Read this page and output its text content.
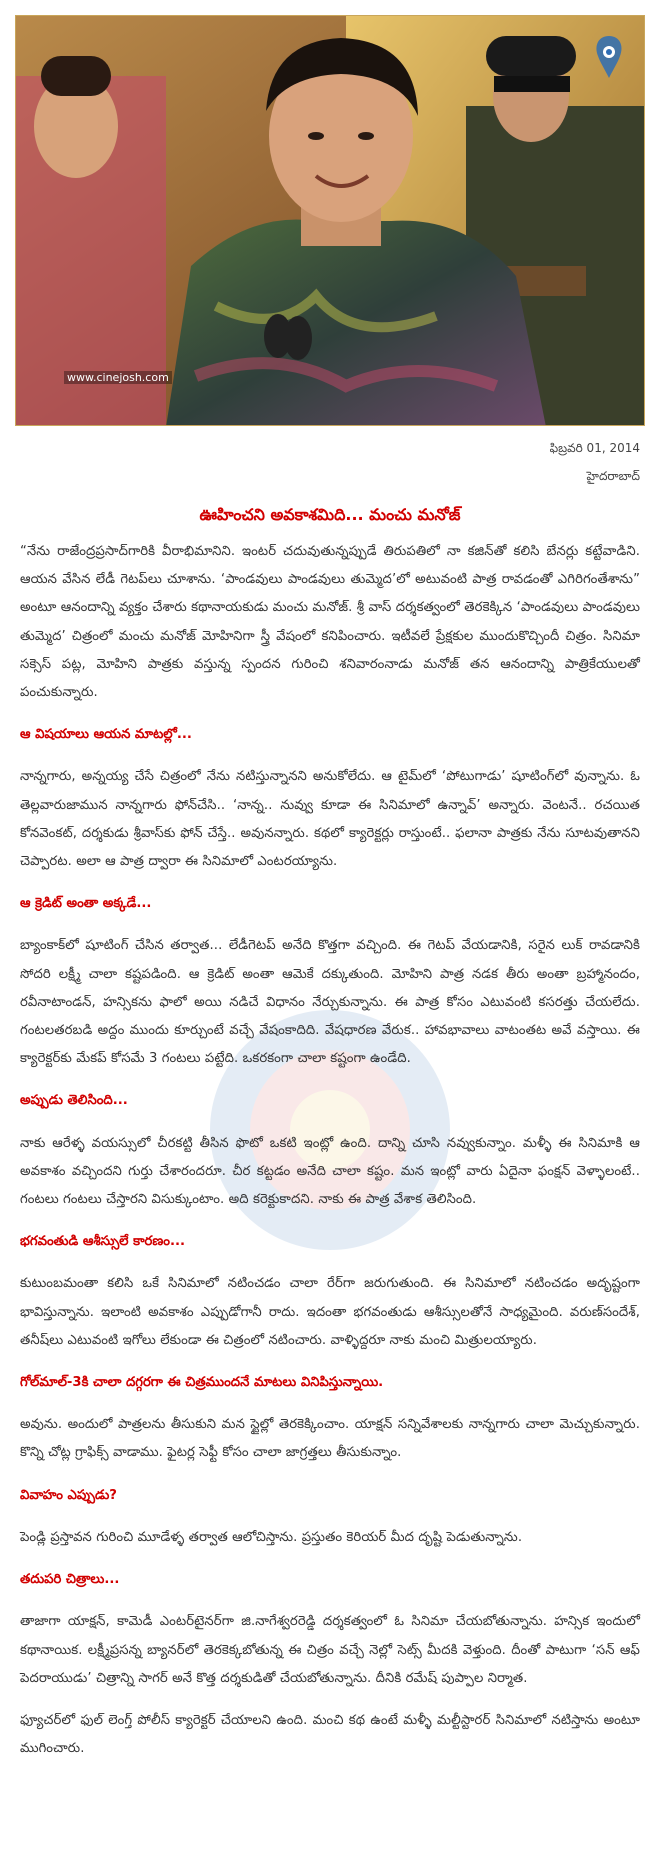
www.cinejosh.com
ఫిబ్రవరి 01, 2014
హైదరాబాద్
ఊహించని అవకాశమిది... మంచు మనోజ్

“నేను రాజేంద్రప్రసాద్‌గారికి వీరాభిమానిని. ఇంటర్ చదువుతున్నప్పుడే తిరుపతిలో నా కజిన్‌తో కలిసి బేనర్లు కట్టేవాడిని. ఆయన వేసిన లేడీ గెటప్‌లు చూశాను. ‘పాండవులు పాండవులు తుమ్మెద’లో అటువంటి పాత్ర రావడంతో ఎగిరిగంతేశాను” అంటూ ఆనందాన్ని వ్యక్తం చేశారు కథానాయకుడు మంచు మనోజ్. శ్రీ వాస్ దర్శకత్వంలో తెరకెక్కిన ‘పాండవులు పాండవులు తుమ్మెద’ చిత్రంలో మంచు మనోజ్ మోహినిగా స్త్రీ వేషంలో కనిపించారు. ఇటీవలే ప్రేక్షకుల ముందుకొచ్చిందీ చిత్రం. సినిమా సక్సెస్ పట్ల, మోహిని పాత్రకు వస్తున్న స్పందన గురించి శనివారంనాడు మనోజ్ తన ఆనందాన్ని పాత్రికేయులతో పంచుకున్నారు.

ఆ విషయాలు ఆయన మాటల్లో...

నాన్నగారు, అన్నయ్య చేసే చిత్రంలో నేను నటిస్తున్నానని అనుకోలేదు. ఆ టైమ్‌లో ‘పోటుగాడు’ షూటింగ్‌లో వున్నాను. ఓ తెల్లవారుజామున నాన్నగారు ఫోన్‌చేసి.. ‘నాన్న.. నువ్వు కూడా ఈ సినిమాలో ఉన్నావ్’ అన్నారు. వెంటనే.. రచయిత కోనవెంకట్, దర్శకుడు శ్రీవాస్‌కు ఫోన్ చేస్తే.. అవునన్నారు. కథలో క్యారెక్టర్లు రాస్తుంటే.. ఫలానా పాత్రకు నేను సూటవుతానని చెప్పారట. అలా ఆ పాత్ర ద్వారా ఈ సినిమాలో ఎంటరయ్యాను.

ఆ క్రెడిట్ అంతా అక్కడే...

బ్యాంకాక్‌లో షూటింగ్ చేసిన తర్వాత... లేడీగెటప్ అనేది కొత్తగా వచ్చింది. ఈ గెటప్ వేయడానికి, సరైన లుక్ రావడానికి సోదరి లక్ష్మీ చాలా కష్టపడింది. ఆ క్రెడిట్ అంతా ఆమెకే దక్కుతుంది. మోహిని పాత్ర నడక తీరు అంతా బ్రహ్మానందం, రవీనాటాండన్, హన్సికను ఫాలో అయి నడిచే విధానం నేర్చుకున్నాను. ఈ పాత్ర కోసం ఎటువంటి కసరత్తు చేయలేదు. గంటలతరబడి అద్దం ముందు కూర్చుంటే వచ్చే వేషంకాదిది. వేషధారణ వేరుక.. హావభావాలు వాటంతట అవే వస్తాయి. ఈ క్యారెక్టర్‌కు మేకప్ కోసమే 3 గంటలు పట్టేది. ఒకరకంగా చాలా కష్టంగా ఉండేది.

అప్పుడు తెలిసింది...

నాకు ఆరేళ్ళ వయస్సులో చీరకట్టి తీసిన ఫొటో ఒకటి ఇంట్లో ఉంది. దాన్ని చూసి నవ్వుకున్నాం. మళ్ళీ ఈ సినిమాకి ఆ అవకాశం వచ్చిందని గుర్తు చేశారందరూ. చీర కట్టడం అనేది చాలా కష్టం. మన ఇంట్లో వారు ఏదైనా ఫంక్షన్ వెళ్ళాలంటే.. గంటలు గంటలు చేస్తారని విసుక్కుంటాం. అది కరెక్టుకాదని. నాకు ఈ పాత్ర వేశాక తెలిసింది.

భగవంతుడి ఆశీస్సులే కారణం...

కుటుంబమంతా కలిసి ఒకే సినిమాలో నటించడం చాలా రేర్‌గా జరుగుతుంది. ఈ సినిమాలో నటించడం అదృష్టంగా భావిస్తున్నాను. ఇలాంటి అవకాశం ఎప్పుడోగానీ రాదు. ఇదంతా భగవంతుడు ఆశీస్సులతోనే సాధ్యమైంది. వరుణ్‌సందేశ్, తనీష్‌లు ఎటువంటి ఇగోలు లేకుండా ఈ చిత్రంలో నటించారు. వాళ్ళిద్దరూ నాకు మంచి మిత్రులయ్యారు.

గోల్‌మాల్-3కి చాలా దగ్గరగా ఈ చిత్రముందనే మాటలు వినిపిస్తున్నాయి.

అవును. అందులో పాత్రలను తీసుకుని మన స్టైల్లో తెరకెక్కించాం. యాక్షన్ సన్నివేశాలకు నాన్నగారు చాలా మెచ్చుకున్నారు. కొన్ని చోట్ల గ్రాఫిక్స్ వాడాము. ఫైటర్ల సెఫ్టీ కోసం చాలా జాగ్రత్తలు తీసుకున్నాం.

వివాహం ఎప్పుడు?

పెండ్లి ప్రస్తావన గురించి మూడేళ్ళ తర్వాత ఆలోచిస్తాను. ప్రస్తుతం కెరియర్ మీద దృష్టి పెడుతున్నాను.

తదుపరి చిత్రాలు...

తాజాగా యాక్షన్, కామెడీ ఎంటర్‌టైనర్‌గా జి.నాగేశ్వరరెడ్డి దర్శకత్వంలో ఓ సినిమా చేయబోతున్నాను. హన్సిక ఇందులో కథానాయిక. లక్ష్మీప్రసన్న బ్యానర్‌లో తెరకెక్కబోతున్న ఈ చిత్రం వచ్చే నెల్లో సెట్స్ మీదకి వెళ్తుంది. దీంతో పాటుగా ‘సన్ ఆఫ్ పెదరాయుడు’ చిత్రాన్ని సాగర్ అనే కొత్త దర్శకుడితో చేయబోతున్నాను. దీనికి రమేష్ పుప్పాల నిర్మాత.

ఫ్యూచర్‌లో ఫుల్ లెంగ్త్ పోలీస్ క్యారెక్టర్ చేయాలని ఉంది. మంచి కథ ఉంటే మళ్ళీ మల్టీస్టారర్ సినిమాలో నటిస్తాను అంటూ ముగించారు.
